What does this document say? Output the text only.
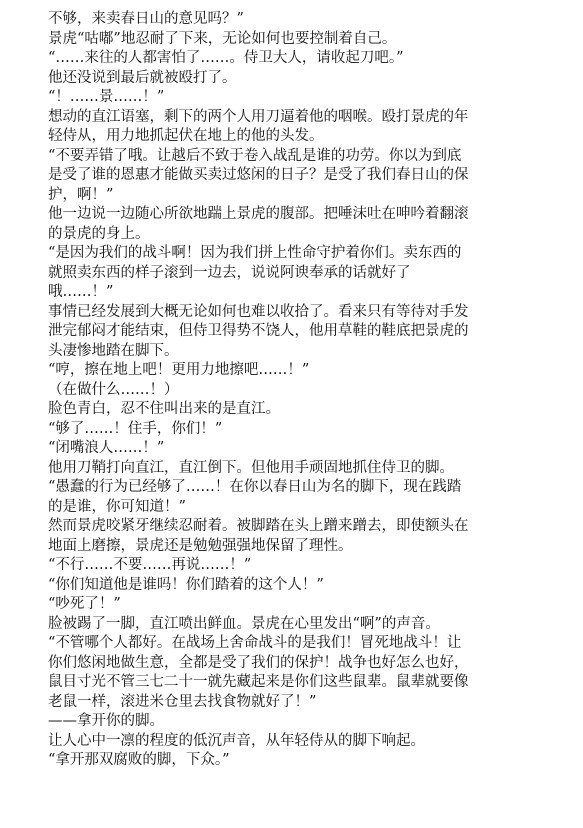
不够，来卖春日山的意见吗？”
景虎“咕嘟”地忍耐了下来，无论如何也要控制着自己。
“……来往的人都害怕了……。侍卫大人，请收起刀吧。”
他还没说到最后就被殴打了。
“！……景……！”
想动的直江语塞，剩下的两个人用刀逼着他的咽喉。殴打景虎的年
轻侍从，用力地抓起伏在地上的他的头发。
“不要弄错了哦。让越后不致于卷入战乱是谁的功劳。你以为到底
是受了谁的恩惠才能做买卖过悠闲的日子？是受了我们春日山的保
护，啊！”
他一边说一边随心所欲地踹上景虎的腹部。把唾沫吐在呻吟着翻滚
的景虎的身上。
“是因为我们的战斗啊！因为我们拼上性命守护着你们。卖东西的
就照卖东西的样子滚到一边去，说说阿谀奉承的话就好了
哦……！”
事情已经发展到大概无论如何也难以收拾了。看来只有等待对手发
泄完郁闷才能结束，但侍卫得势不饶人，他用草鞋的鞋底把景虎的
头凄惨地踏在脚下。
“哼，擦在地上吧！更用力地擦吧……！”
（在做什么……！）
脸色青白，忍不住叫出来的是直江。
“够了……！住手，你们！”
“闭嘴浪人……！”
他用刀鞘打向直江，直江倒下。但他用手顽固地抓住侍卫的脚。
“愚蠢的行为已经够了……！在你以春日山为名的脚下，现在践踏
的是谁，你可知道！”
然而景虎咬紧牙继续忍耐着。被脚踏在头上蹭来蹭去，即使额头在
地面上磨擦，景虎还是勉勉强强地保留了理性。
“不行……不要……再说……！”
“你们知道他是谁吗！你们踏着的这个人！”
“吵死了！”
脸被踢了一脚，直江喷出鲜血。景虎在心里发出“啊”的声音。
“不管哪个人都好。在战场上舍命战斗的是我们！冒死地战斗！让
你们悠闲地做生意，全都是受了我们的保护！战争也好怎么也好，
鼠目寸光不管三七二十一就先藏起来是你们这些鼠辈。鼠辈就要像
老鼠一样，滚进米仓里去找食物就好了！”
——拿开你的脚。
让人心中一凛的程度的低沉声音，从年轻侍从的脚下响起。
“拿开那双腐败的脚，下众。”
